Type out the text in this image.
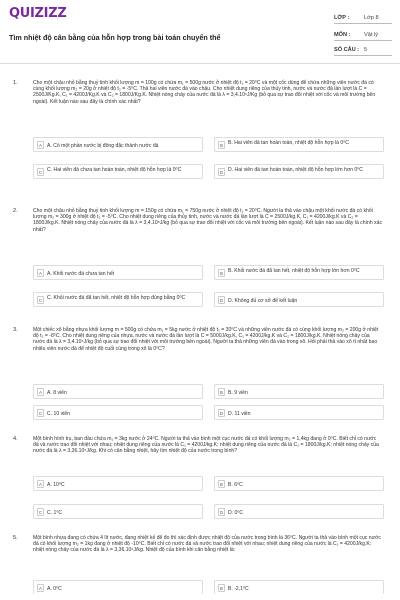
QUIZIZZ
Tìm nhiệt độ cân bằng của hỗn hợp trong bài toán chuyển thể
LỚP :	Lớp 8
MÔN : Vật lý
SỐ CÂU : 5
1.	Cho một chậu nhỏ bằng thuỷ tinh khối lượng m = 100g có chứa m₁ = 500g nước ở nhiệt độ t₁ = 20⁰C và một cốc dùng để chứa những viên nước đá có cùng khối lượng m₂ = 20g ở nhiệt độ t₂ = -5⁰C. Thả hai viên nước đá vào chậu. Cho nhiệt dung riêng của thủy tinh, nước và nước đá lần lượt là C = 2500J/Kg.K, C₁ = 4200J/Kg.K và C₂ = 1800J/Kg.K. Nhiệt nóng chảy của nước đá là λ = 3,4.10⁵J/Kg (bỏ qua sự trao đổi nhiệt với cốc và môi trường bên ngoài). Kết luận nào sau đây là chính xác nhất?
A A. Có một phần nước bị đông đặc thành nước đá	B B. Hai viên đá tan hoàn toàn, nhiệt độ hỗn hợp là 0⁰C
C C. Hai viên đá chưa tan hoàn toàn, nhiệt độ hỗn hợp là 0⁰C	D D. Hai viên đá tan hoàn toàn, nhiệt độ hỗn hợp lớn hơn 0⁰C
2.	Cho một chậu nhỏ bằng thuỷ tinh khối lượng m = 150g có chứa m₁ = 750g nước ở nhiệt độ t₁ = 20⁰C. Người ta thả vào chậu một khối nước đá có khối lượng m₂ = 300g ở nhiệt độ t₂ = -5⁰C. Cho nhiệt dung riêng của thủy tinh, nước và nước đá lần lượt là C = 2500J/kg.K, C₁ = 4200J/kg.K và C₂ = 1800J/kg.K. Nhiệt nóng chảy của nước đá là λ = 3,4.10⁵J/kg (bỏ qua sự trao đổi nhiệt với cốc và môi trường bên ngoài). Kết luận nào sau đây là chính xác nhất?
A A. Khối nước đá chưa tan hết	B B. Khối nước đá đã tan hết, nhiệt độ hỗn hợp lớn hơn 0⁰C
C C. Khối nước đá đã tan hết, nhiệt độ hỗn hợp đúng bằng 0⁰C	D D. Không đủ cơ sở để kết luận
3.	Một chiếc xô bằng nhựa khối lượng m = 500g có chứa m₁ = 5kg nước ở nhiệt độ t₁ = 30⁰C và những viên nước đá có cùng khối lượng m₂ = 200g ở nhiệt độ t₂ = -8⁰C. Cho nhiệt dung riêng của nhựa, nước và nước đá lần lượt là C = 5000J/kg.K, C₁ = 4200J/kg.K và C₂ = 1800J/kg.K. Nhiệt nóng chảy của nước đá là λ = 3,4.10⁵J/kg (bỏ qua sự trao đổi nhiệt với môi trường bên ngoài). Người ta thả những viên đá vào trong xô. Hỏi phải thả vào xô ít nhất bao nhiêu viên nước đá để nhiệt độ cuối cùng trong xô là 0⁰C?
A A. 8 viên	B B. 9 viên
C C. 10 viên	D D. 11 viên
4.	Một bình hình trụ, ban đầu chứa m₁ = 3kg nước ở 24⁰C. Người ta thả vào bình một cục nước đá có khối lượng m₂ = 1,4kg đang ở 0⁰C. Biết chỉ có nước đá và nước trao đổi nhiệt với nhau; nhiệt dung riêng của nước là C₁ = 4200J/kg.K; nhiệt dung riêng của nước đá là C₂ = 1800J/kg.K; nhiệt nóng chảy của nước đá là λ = 3,36.10⁵J/kg. Khi có cân bằng nhiệt, hãy tìm nhiệt độ của nước trong bình?
A A. 10⁰C	B B. 6⁰C
C C. 1⁰C	D D. 0⁰C
5.	Một bình nhựa đang có chứa 4 lít nước, đang nhiệt kế để đo thì xác định được nhiệt độ của nước trong bình là 36⁰C. Người ta thả vào bình một cục nước đá có khối lượng m₂ = 1kg đang ở nhiệt độ -10⁰C. Biết chỉ có nước đá và nước trao đổi nhiệt với nhau; nhiệt dung riêng của nước là C₁ = 4200J/kg.K; nhiệt nóng chảy của nước đá là λ = 3,36.10⁵J/kg. Nhiệt độ của bình khi cân bằng nhiệt là:
A A. 0⁰C	B B. -2,1⁰C
